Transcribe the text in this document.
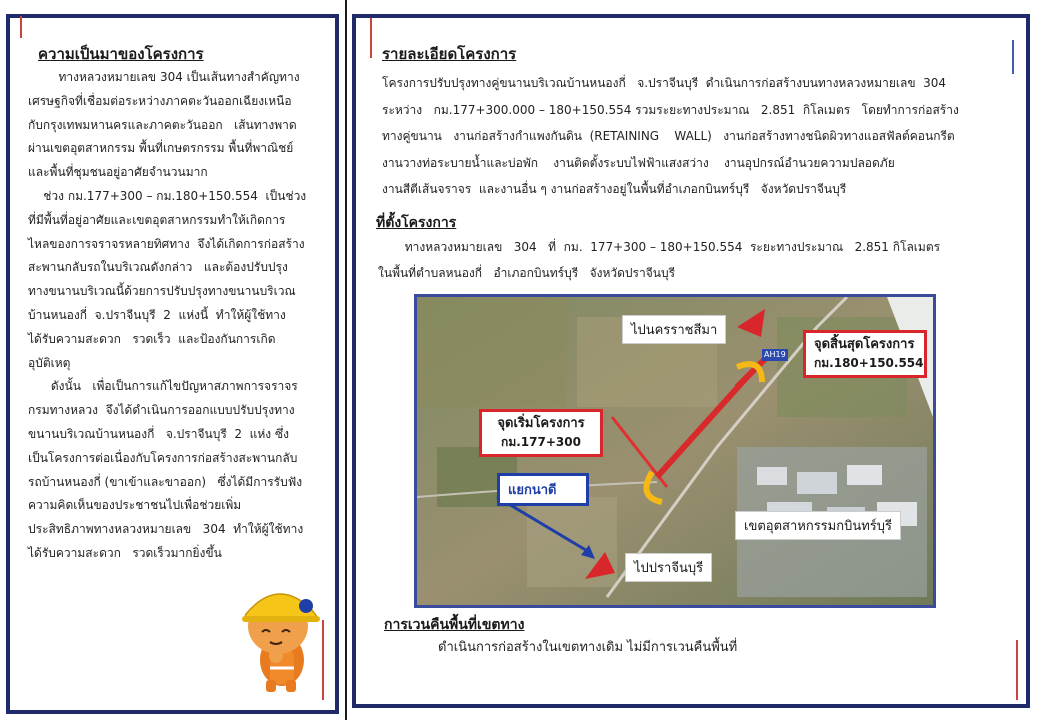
ความเป็นมาของโครงการ
ทางหลวงหมายเลข 304 เป็นเส้นทางสำคัญทาง
เศรษฐกิจที่เชื่อมต่อระหว่างภาคตะวันออกเฉียงเหนือ
กับกรุงเทพมหานครและภาคตะวันออก   เส้นทางพาด
ผ่านเขตอุตสาหกรรม พื้นที่เกษตรกรรม พื้นที่พาณิชย์
และพื้นที่ชุมชนอยู่อาศัยจำนวนมาก
ช่วง กม.177+300 – กม.180+150.554  เป็นช่วง
ที่มีพื้นที่อยู่อาศัยและเขตอุตสาหกรรมทำให้เกิดการ
ไหลของการจราจรหลายทิศทาง  จึงได้เกิดการก่อสร้าง
สะพานกลับรถในบริเวณดังกล่าว   และต้องปรับปรุง
ทางขนานบริเวณนี้ด้วยการปรับปรุงทางขนานบริเวณ
บ้านหนองกี่  จ.ปราจีนบุรี  2  แห่งนี้  ทำให้ผู้ใช้ทาง
ได้รับความสะดวก   รวดเร็ว  และป้องกันการเกิด
อุบัติเหตุ
ดังนั้น   เพื่อเป็นการแก้ไขปัญหาสภาพการจราจร
กรมทางหลวง  จึงได้ดำเนินการออกแบบปรับปรุงทาง
ขนานบริเวณบ้านหนองกี่   จ.ปราจีนบุรี  2  แห่ง ซึ่ง
เป็นโครงการต่อเนื่องกับโครงการก่อสร้างสะพานกลับ
รถบ้านหนองกี่ (ขาเข้าและขาออก)   ซึ่งได้มีการรับฟัง
ความคิดเห็นของประชาชนไปเพื่อช่วยเพิ่ม
ประสิทธิภาพทางหลวงหมายเลข   304  ทำให้ผู้ใช้ทาง
ได้รับความสะดวก   รวดเร็วมากยิ่งขึ้น
รายละเอียดโครงการ
โครงการปรับปรุงทางคู่ขนานบริเวณบ้านหนองกี่   จ.ปราจีนบุรี  ดำเนินการก่อสร้างบนทางหลวงหมายเลข  304
ระหว่าง   กม.177+300.000 – 180+150.554 รวมระยะทางประมาณ   2.851  กิโลเมตร   โดยทำการก่อสร้าง
ทางคู่ขนาน   งานก่อสร้างกำแพงกันดิน  (RETAINING    WALL)   งานก่อสร้างทางชนิดผิวทางแอสฟัลต์คอนกรีต
งานวางท่อระบายน้ำและบ่อพัก    งานติดตั้งระบบไฟฟ้าแสงสว่าง    งานอุปกรณ์อำนวยความปลอดภัย
งานสีตีเส้นจราจร  และงานอื่น ๆ งานก่อสร้างอยู่ในพื้นที่อำเภอกบินทร์บุรี   จังหวัดปราจีนบุรี
ที่ตั้งโครงการ
ทางหลวงหมายเลข   304   ที่  กม.  177+300 – 180+150.554  ระยะทางประมาณ   2.851 กิโลเมตร
ในพื้นที่ตำบลหนองกี่   อำเภอกบินทร์บุรี   จังหวัดปราจีนบุรี
ไปนครราชสีมา
จุดสิ้นสุดโครงการ
กม.180+150.554
จุดเริ่มโครงการ
กม.177+300
แยกนาดี
เขตอุตสาหกรรมกบินทร์บุรี
ไปปราจีนบุรี
AH19
การเวนคืนพื้นที่เขตทาง
ดำเนินการก่อสร้างในเขตทางเดิม ไม่มีการเวนคืนพื้นที่
